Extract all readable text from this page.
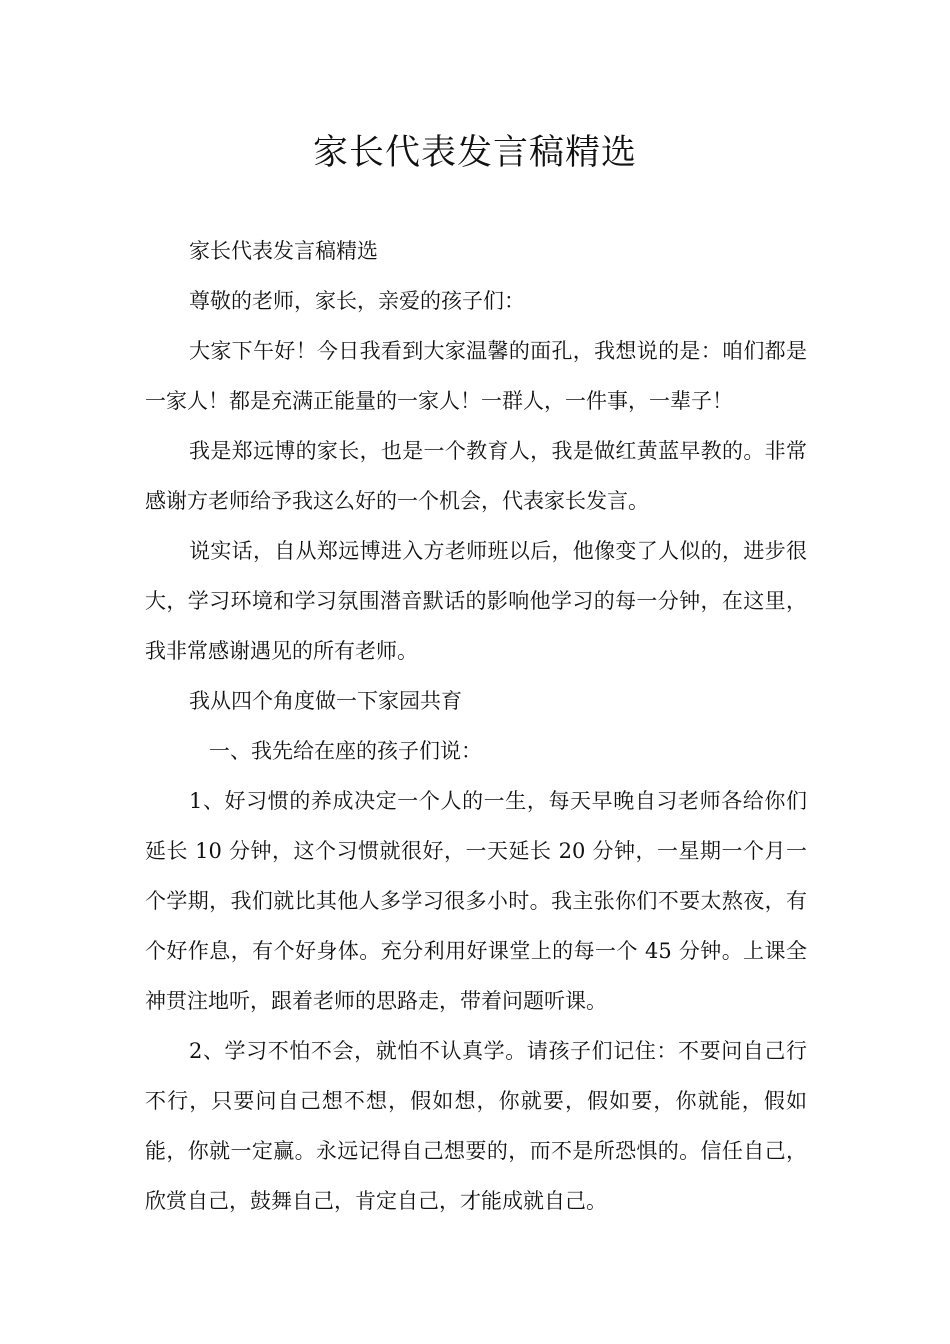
家长代表发言稿精选

家长代表发言稿精选

尊敬的老师，家长，亲爱的孩子们：

大家下午好！今日我看到大家温馨的面孔，我想说的是：咱们都是一家人！都是充满正能量的一家人！一群人，一件事，一辈子！

我是郑远博的家长，也是一个教育人，我是做红黄蓝早教的。非常感谢方老师给予我这么好的一个机会，代表家长发言。

说实话，自从郑远博进入方老师班以后，他像变了人似的，进步很大，学习环境和学习氛围潜音默话的影响他学习的每一分钟，在这里，我非常感谢遇见的所有老师。

我从四个角度做一下家园共育

一、我先给在座的孩子们说：

1、好习惯的养成决定一个人的一生，每天早晚自习老师各给你们延长 10 分钟，这个习惯就很好，一天延长 20 分钟，一星期一个月一个学期，我们就比其他人多学习很多小时。我主张你们不要太熬夜，有个好作息，有个好身体。充分利用好课堂上的每一个 45 分钟。上课全神贯注地听，跟着老师的思路走，带着问题听课。

2、学习不怕不会，就怕不认真学。请孩子们记住：不要问自己行不行，只要问自己想不想，假如想，你就要，假如要，你就能，假如能，你就一定赢。永远记得自己想要的，而不是所恐惧的。信任自己，欣赏自己，鼓舞自己，肯定自己，才能成就自己。
